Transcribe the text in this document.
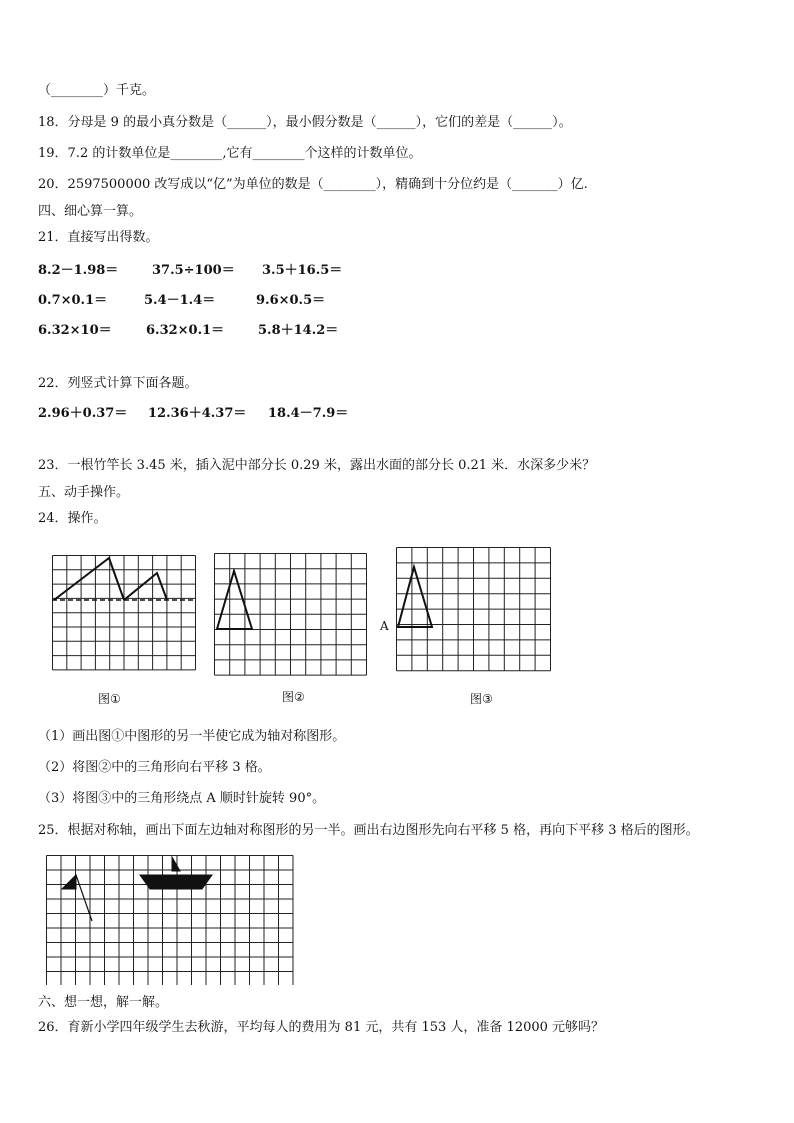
（________）千克。
18．分母是 9 的最小真分数是（______），最小假分数是（______），它们的差是（______）。
19．7.2 的计数单位是________,它有________个这样的计数单位。
20．2597500000 改写成以“亿”为单位的数是（________），精确到十分位约是（_______）亿.
四、细心算一算。
21．直接写出得数。
8.2－1.98＝	37.5÷100＝ 3.5＋16.5＝
0.7×0.1＝	5.4－1.4＝	9.6×0.5＝
6.32×10＝	6.32×0.1＝	5.8＋14.2＝
22．列竖式计算下面各题。
2.96＋0.37＝ 12.36＋4.37＝ 18.4－7.9＝
23．一根竹竿长 3.45 米，插入泥中部分长 0.29 米，露出水面的部分长 0.21 米．水深多少米？
五、动手操作。
24．操作。
图①	图②
A
图③
（1）画出图①中图形的另一半使它成为轴对称图形。
（2）将图②中的三角形向右平移 3 格。
（3）将图③中的三角形绕点 A 顺时针旋转 90°。
25．根据对称轴，画出下面左边轴对称图形的另一半。画出右边图形先向右平移 5 格，再向下平移 3 格后的图形。
六、想一想，解一解。
26．育新小学四年级学生去秋游，平均每人的费用为 81 元，共有 153 人，准备 12000 元够吗？
